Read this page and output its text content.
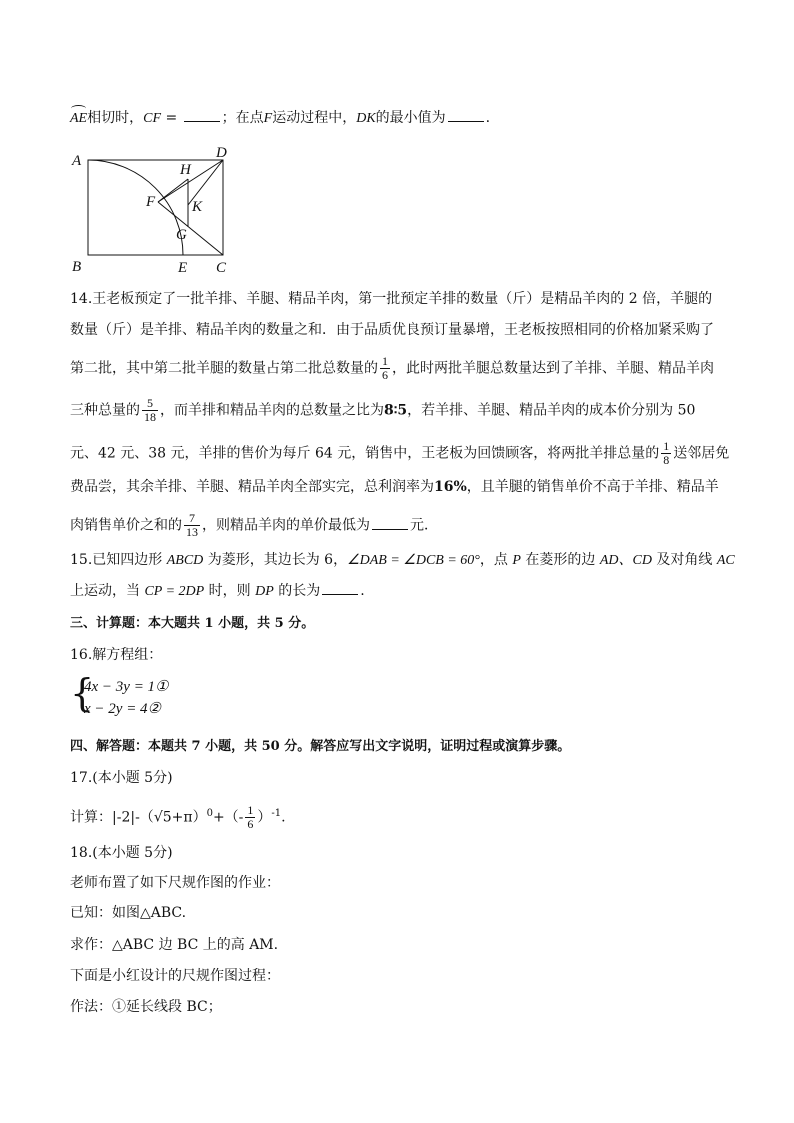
AE相切时，CF =	；在点F运动过程中，DK的最小值为	.
A	D
B	E C
H
F K
G
14.王老板预定了一批羊排、羊腿、精品羊肉，第一批预定羊排的数量（斤）是精品羊肉的 2 倍，羊腿的
数量（斤）是羊排、精品羊肉的数量之和．由于品质优良预订量暴增，王老板按照相同的价格加紧采购了
第二批，其中第二批羊腿的数量占第二批总数量的 $\frac{1}{6}$ ，此时两批羊腿总数量达到了羊排、羊腿、精品羊肉
三种总量的 $\frac{5}{18}$ ，而羊排和精品羊肉的总数量之比为8∶5，若羊排、羊腿、精品羊肉的成本价分别为 50
元、42 元、38 元，羊排的售价为每斤 64 元，销售中，王老板为回馈顾客，将两批羊排总量的 $\frac{1}{8}$ 送邻居免
费品尝，其余羊排、羊腿、精品羊肉全部实完，总利润率为16%，且羊腿的销售单价不高于羊排、精品羊
肉销售单价之和的 $\frac{7}{13}$ ，则精品羊肉的单价最低为	元．
15.已知四边形 ABCD 为菱形，其边长为 6，∠DAB = ∠DCB = 60°，点 P 在菱形的边 AD、CD 及对角线 AC
上运动，当 CP = 2DP 时，则 DP 的长为	.
三、计算题：本大题共 1 小题，共 5 分。
16.解方程组：
{
4x − 3y = 1①
x − 2y = 4②
四、解答题：本题共 7 小题，共 50 分。解答应写出文字说明，证明过程或演算步骤。
17.(本小题 5分)
计算：$|-2|-(√5+\pi)^0+(- \frac{1}{6} )^{-1}$.
18.(本小题 5分)
老师布置了如下尺规作图的作业：
已知：如图△ABC.
求作：△ABC 边 BC 上的高 AM.
下面是小红设计的尺规作图过程：
作法：①延长线段 BC；
